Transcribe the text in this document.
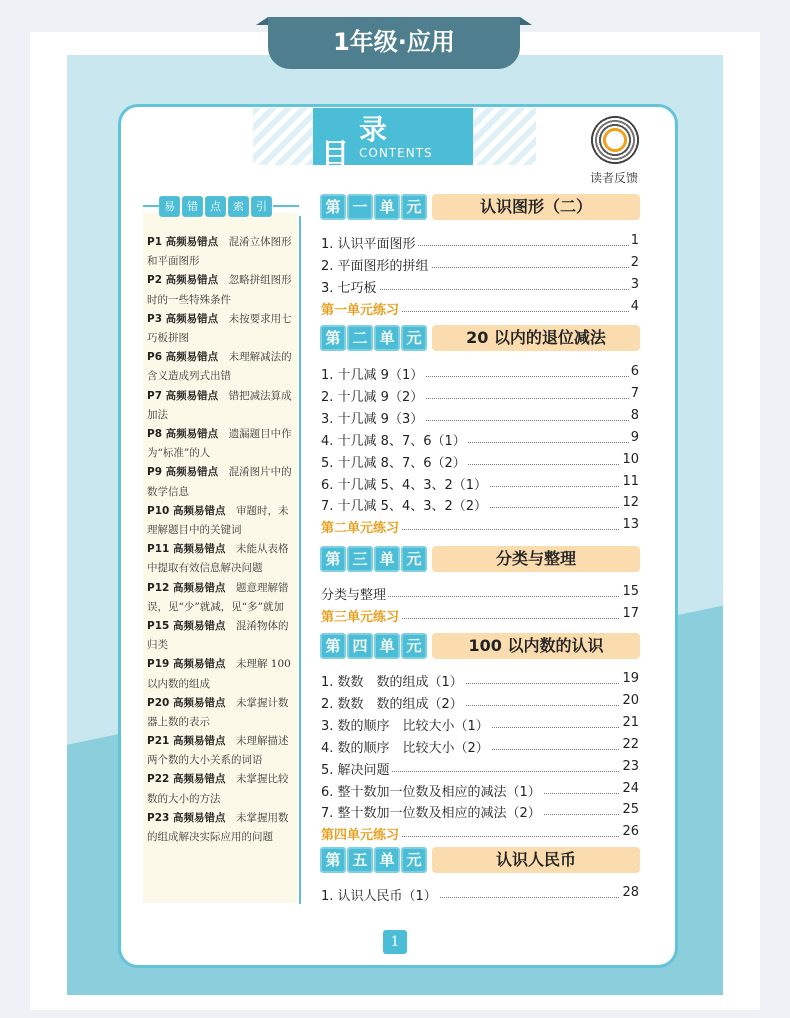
1年级·应用
录
目 CONTENTS
读者反馈
易	错	点	索	引
P1 高频易错点　 混淆立体图形和平面图形
P2 高频易错点　 忽略拼组图形时的一些特殊条件
P3 高频易错点　 未按要求用七巧板拼图
P6 高频易错点　 未理解减法的含义造成列式出错
P7 高频易错点　 错把减法算成加法
P8 高频易错点　 遗漏题目中作为“标准”的人
P9 高频易错点　 混淆图片中的数学信息
P10 高频易错点　 审题时，未理解题目中的关键词
P11 高频易错点　 未能从表格中提取有效信息解决问题
P12 高频易错点　 题意理解错误，见“少”就减，见“多”就加
P15 高频易错点　 混淆物体的归类
P19 高频易错点　 未理解 100 以内数的组成
P20 高频易错点　 未掌握计数器上数的表示
P21 高频易错点　 未理解描述两个数的大小关系的词语
P22 高频易错点　 未掌握比较数的大小的方法
P23 高频易错点　 未掌握用数的组成解决实际应用的问题
第 一 单 元	认识图形（二）
1. 认识平面图形	1
2. 平面图形的拼组	2
3. 七巧板	3
第一单元练习	4
第 二 单 元	20 以内的退位减法
1. 十几减 9（1）	6
2. 十几减 9（2）	7
3. 十几减 9（3）	8
4. 十几减 8、7、6（1）	9
5. 十几减 8、7、6（2）	10
6. 十几减 5、4、3、2（1）	11
7. 十几减 5、4、3、2（2）	12
第二单元练习	13
第 三 单 元	分类与整理
分类与整理	15
第三单元练习	17
第 四 单 元	100 以内数的认识
1. 数数　数的组成（1）	19
2. 数数　数的组成（2）	20
3. 数的顺序　比较大小（1）	21
4. 数的顺序　比较大小（2）	22
5. 解决问题	23
6. 整十数加一位数及相应的减法（1）	24
7. 整十数加一位数及相应的减法（2）	25
第四单元练习	26
第 五 单 元	认识人民币
1. 认识人民币（1）	28
1
